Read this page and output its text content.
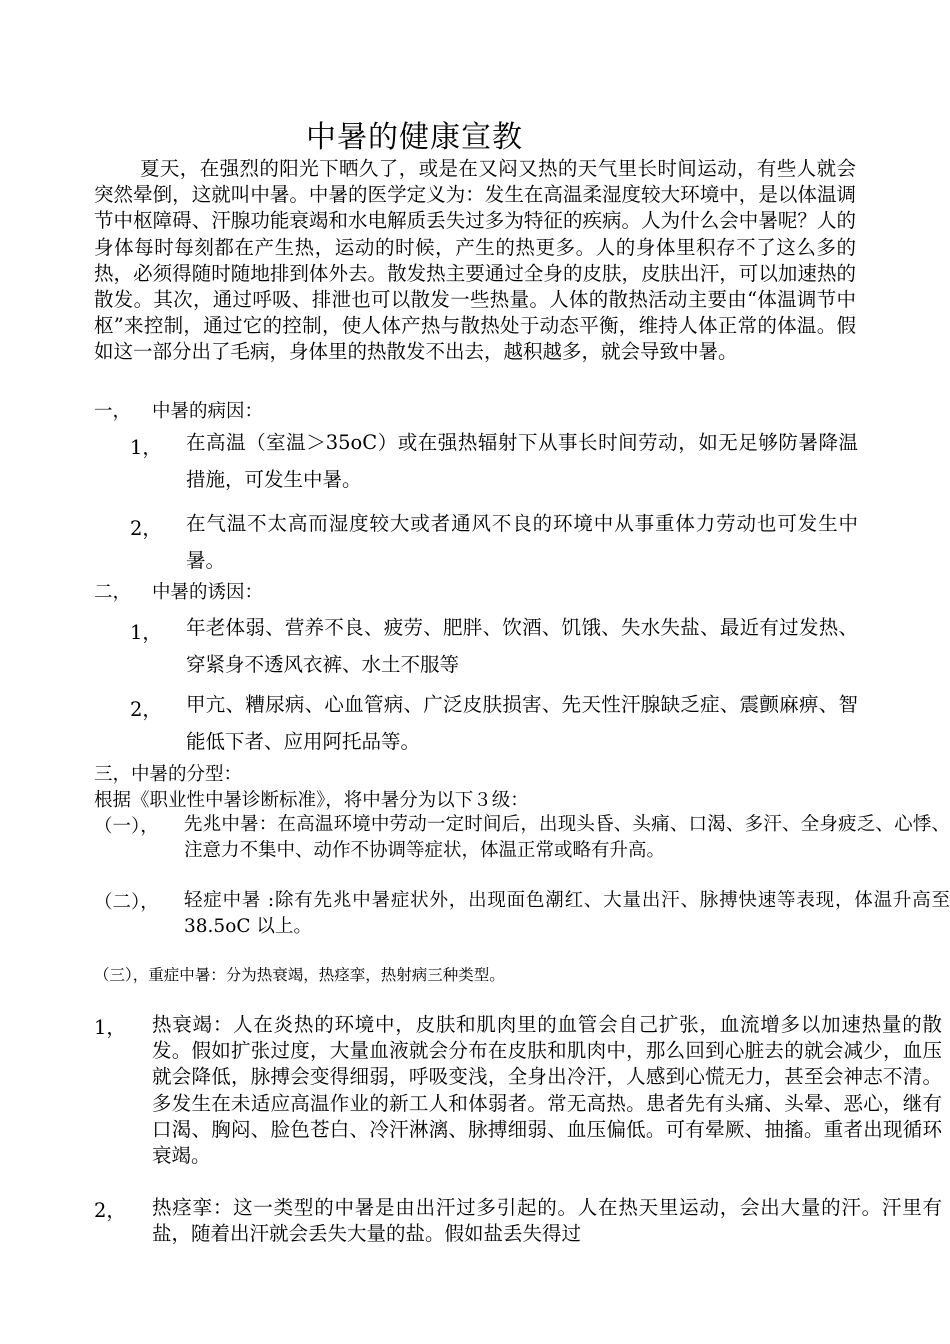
中暑的健康宣教

夏天，在强烈的阳光下晒久了，或是在又闷又热的天气里长时间运动，有些人就会突然晕倒，这就叫中暑。中暑的医学定义为：发生在高温柔湿度较大环境中，是以体温调节中枢障碍、汗腺功能衰竭和水电解质丢失过多为特征的疾病。人为什么会中暑呢？人的身体每时每刻都在产生热，运动的时候，产生的热更多。人的身体里积存不了这么多的热，必须得随时随地排到体外去。散发热主要通过全身的皮肤，皮肤出汗，可以加速热的散发。其次，通过呼吸、排泄也可以散发一些热量。人体的散热活动主要由“体温调节中枢”来控制，通过它的控制，使人体产热与散热处于动态平衡，维持人体正常的体温。假如这一部分出了毛病，身体里的热散发不出去，越积越多，就会导致中暑。

一， 中暑的病因：
1， 在高温（室温＞35oC）或在强热辐射下从事长时间劳动，如无足够防暑降温措施，可发生中暑。

2， 在气温不太高而湿度较大或者通风不良的环境中从事重体力劳动也可发生中暑。

二， 中暑的诱因：
1， 年老体弱、营养不良、疲劳、肥胖、饮酒、饥饿、失水失盐、最近有过发热、穿紧身不透风衣裤、水土不服等

2， 甲亢、糟尿病、心血管病、广泛皮肤损害、先天性汗腺缺乏症、震颤麻痹、智能低下者、应用阿托品等。

三，中暑的分型：
根据《职业性中暑诊断标准》，将中暑分为以下３级：
（一）， 先兆中暑：在高温环境中劳动一定时间后，出现头昏、头痛、口渴、多汗、全身疲乏、心悸、注意力不集中、动作不协调等症状，体温正常或略有升高。

（二）， 轻症中暑 :除有先兆中暑症状外，出现面色潮红、大量出汗、脉搏快速等表现，体温升高至 38.5oC 以上。

（三），重症中暑：分为热衰竭，热痉挛，热射病三种类型。
1， 热衰竭：人在炎热的环境中，皮肤和肌肉里的血管会自己扩张，血流增多以加速热量的散发。假如扩张过度，大量血液就会分布在皮肤和肌肉中，那么回到心脏去的就会减少，血压就会降低，脉搏会变得细弱，呼吸变浅，全身出冷汗，人感到心慌无力，甚至会神志不清。多发生在未适应高温作业的新工人和体弱者。常无高热。患者先有头痛、头晕、恶心，继有口渴、胸闷、脸色苍白、冷汗淋漓、脉搏细弱、血压偏低。可有晕厥、抽搐。重者出现循环衰竭。

2， 热痉挛：这一类型的中暑是由出汗过多引起的。人在热天里运动，会出大量的汗。汗里有盐，随着出汗就会丢失大量的盐。假如盐丢失得过
